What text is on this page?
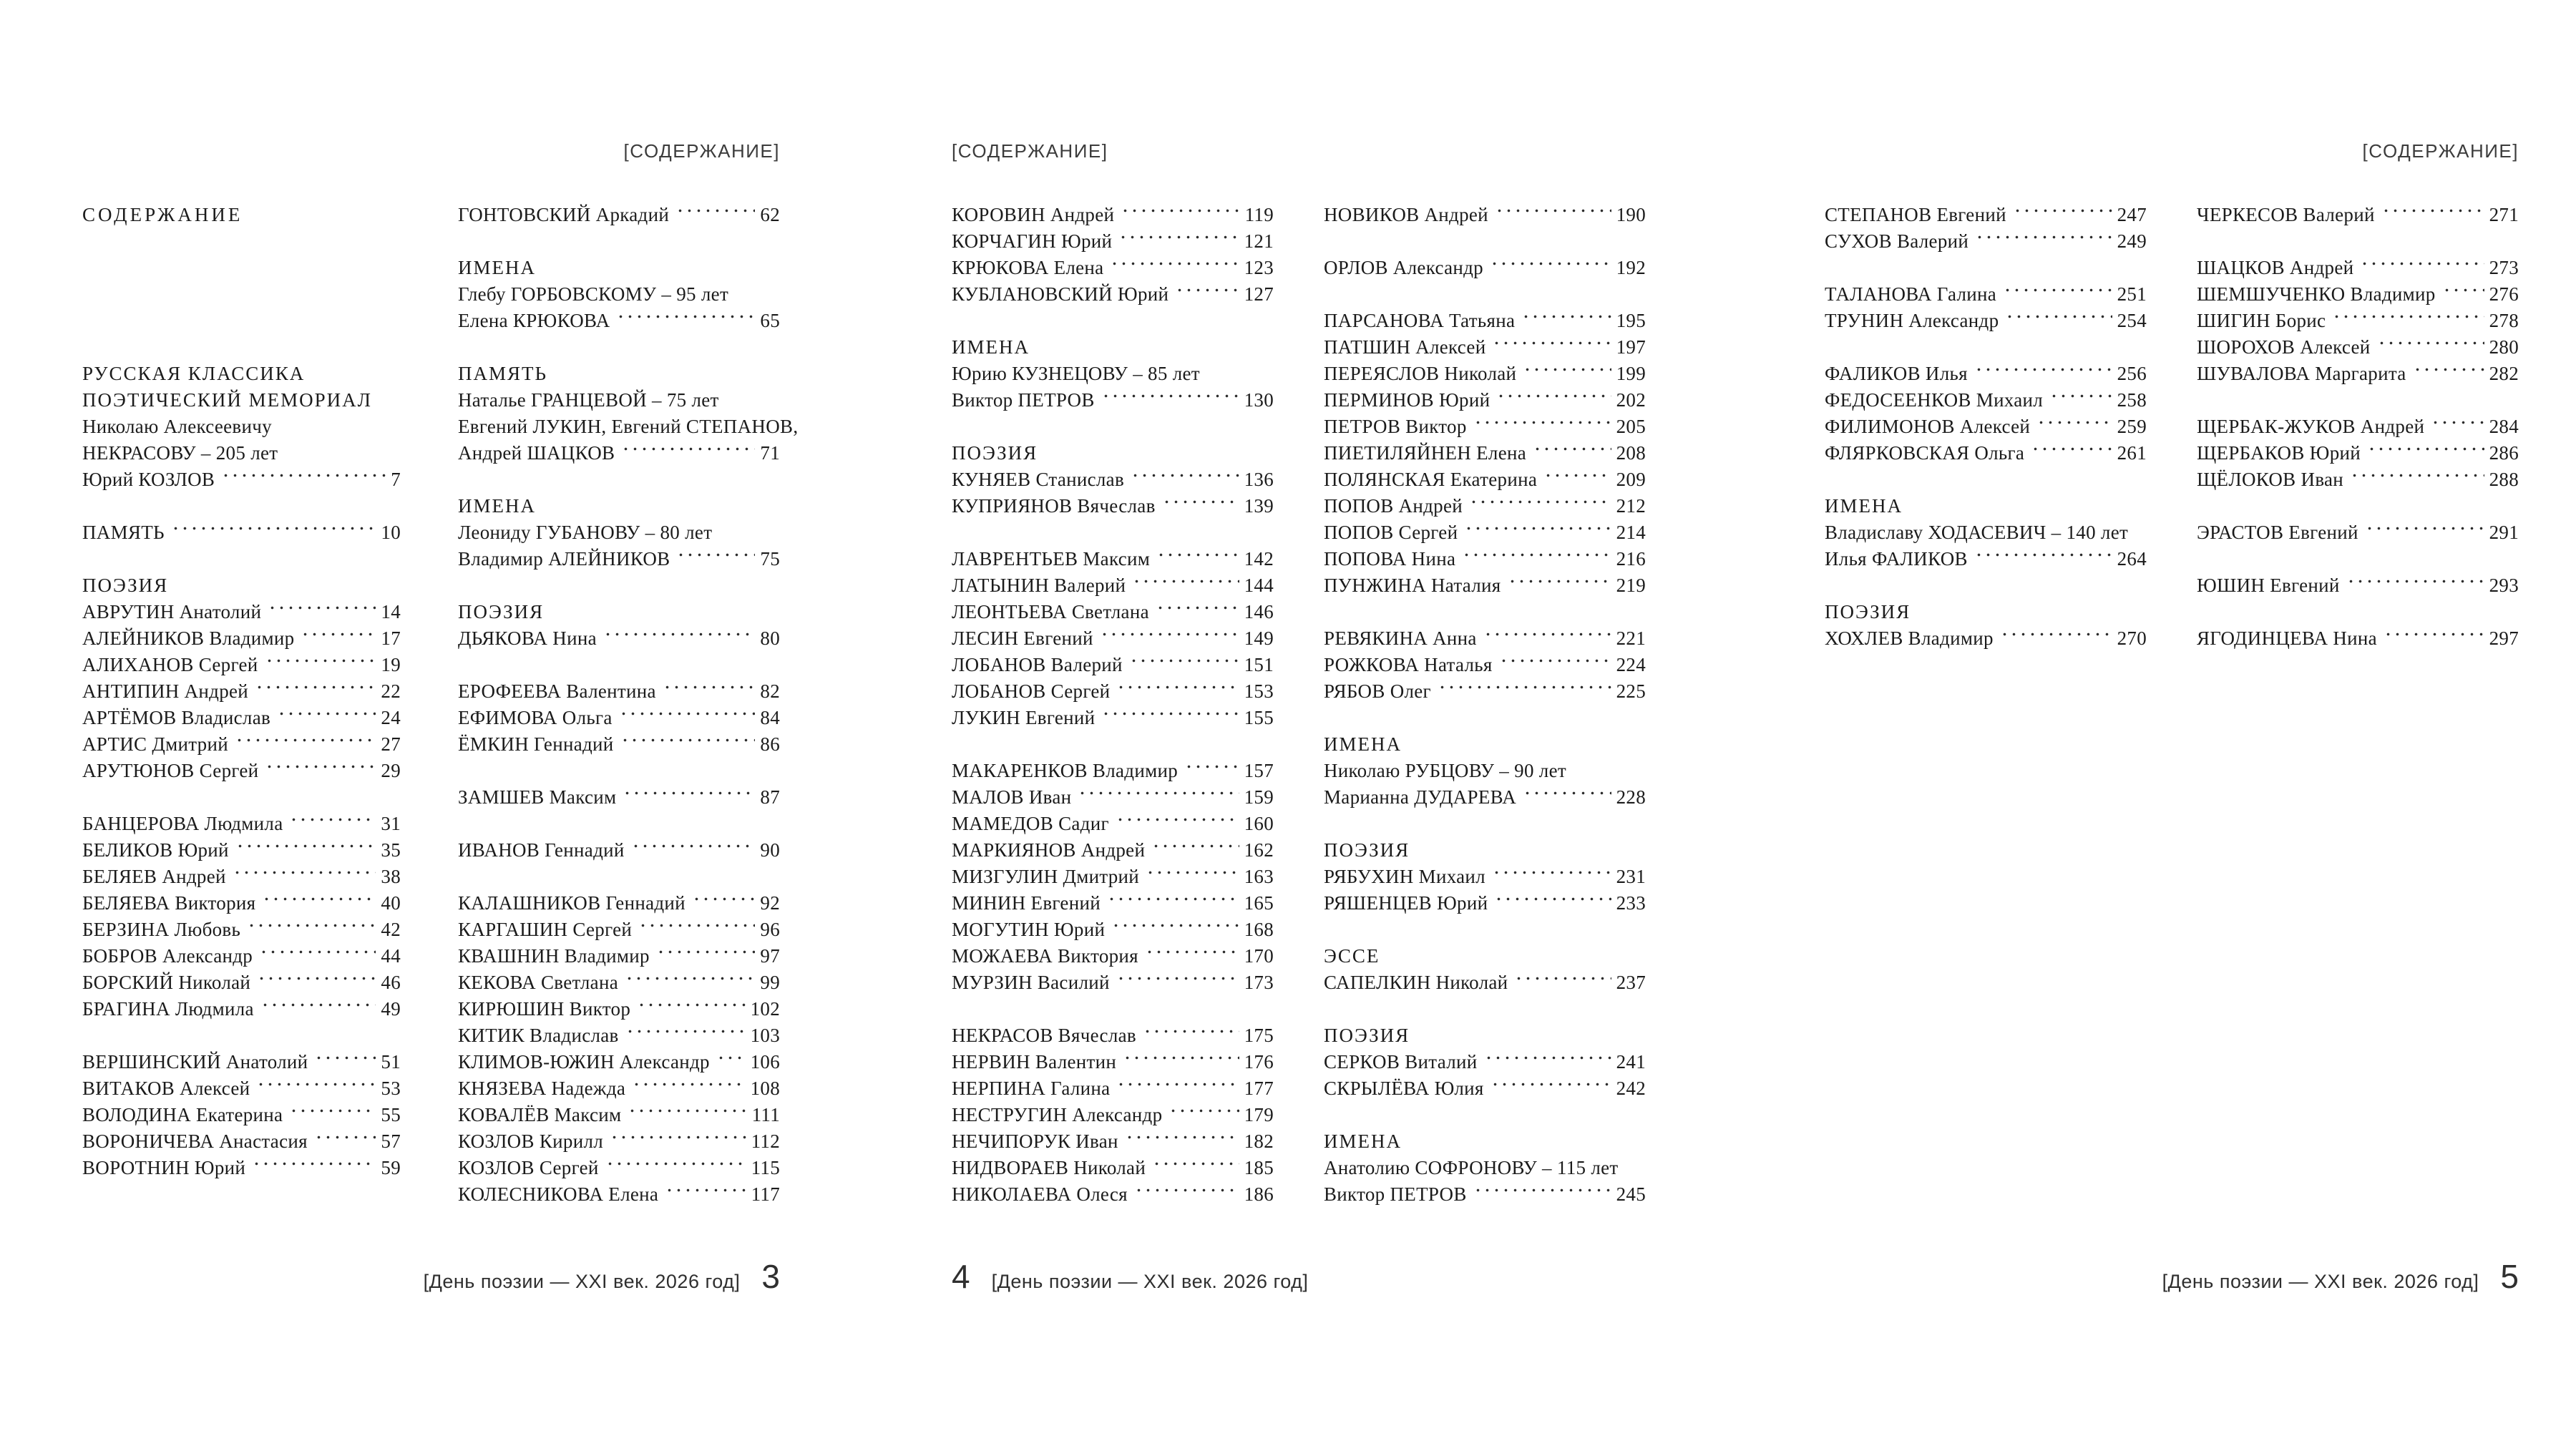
[СОДЕРЖАНИЕ]
СОДЕРЖАНИЕ
РУССКАЯ КЛАССИКА
ПОЭТИЧЕСКИЙ МЕМОРИАЛ
Николаю Алексеевичу
НЕКРАСОВУ – 205 лет
Юрий КОЗЛОВ	7
ПАМЯТЬ	10
ПОЭЗИЯ
АВРУТИН Анатолий	14
АЛЕЙНИКОВ Владимир	17
АЛИХАНОВ Сергей	19
АНТИПИН Андрей	22
АРТЁМОВ Владислав	24
АРТИС Дмитрий	27
АРУТЮНОВ Сергей	29
БАНЦЕРОВА Людмила	31
БЕЛИКОВ Юрий	35
БЕЛЯЕВ Андрей	38
БЕЛЯЕВА Виктория	40
БЕРЗИНА Любовь	42
БОБРОВ Александр	44
БОРСКИЙ Николай	46
БРАГИНА Людмила	49
ВЕРШИНСКИЙ Анатолий	51
ВИТАКОВ Алексей	53
ВОЛОДИНА Екатерина	55
ВОРОНИЧЕВА Анастасия	57
ВОРОТНИН Юрий	59
ГОНТОВСКИЙ Аркадий	62
ИМЕНА
Глебу ГОРБОВСКОМУ – 95 лет
Елена КРЮКОВА	65
ПАМЯТЬ
Наталье ГРАНЦЕВОЙ – 75 лет
Евгений ЛУКИН, Евгений СТЕПАНОВ,
Андрей ШАЦКОВ	71
ИМЕНА
Леониду ГУБАНОВУ – 80 лет
Владимир АЛЕЙНИКОВ	75
ПОЭЗИЯ
ДЬЯКОВА Нина	80
ЕРОФЕЕВА Валентина	82
ЕФИМОВА Ольга	84
ЁМКИН Геннадий	86
ЗАМШЕВ Максим	87
ИВАНОВ Геннадий	90
КАЛАШНИКОВ Геннадий	92
КАРГАШИН Сергей	96
КВАШНИН Владимир	97
КЕКОВА Светлана	99
КИРЮШИН Виктор	102
КИТИК Владислав	103
КЛИМОВ-ЮЖИН Александр 106
КНЯЗЕВА Надежда	108
КОВАЛЁВ Максим	111
КОЗЛОВ Кирилл	112
КОЗЛОВ Сергей	115
КОЛЕСНИКОВА Елена	117
[День поэзии — XXI век. 2026 год] 3
[СОДЕРЖАНИЕ]
КОРОВИН Андрей	119
КОРЧАГИН Юрий	121
КРЮКОВА Елена	123
КУБЛАНОВСКИЙ Юрий	127
ИМЕНА
Юрию КУЗНЕЦОВУ – 85 лет
Виктор ПЕТРОВ	130
ПОЭЗИЯ
КУНЯЕВ Станислав	136
КУПРИЯНОВ Вячеслав	139
ЛАВРЕНТЬЕВ Максим	142
ЛАТЫНИН Валерий	144
ЛЕОНТЬЕВА Светлана	146
ЛЕСИН Евгений	149
ЛОБАНОВ Валерий	151
ЛОБАНОВ Сергей	153
ЛУКИН Евгений	155
МАКАРЕНКОВ Владимир	157
МАЛОВ Иван	159
МАМЕДОВ Садиг	160
МАРКИЯНОВ Андрей	162
МИЗГУЛИН Дмитрий	163
МИНИН Евгений	165
МОГУТИН Юрий	168
МОЖАЕВА Виктория	170
МУРЗИН Василий	173
НЕКРАСОВ Вячеслав	175
НЕРВИН Валентин	176
НЕРПИНА Галина	177
НЕСТРУГИН Александр	179
НЕЧИПОРУК Иван	182
НИДВОРАЕВ Николай	185
НИКОЛАЕВА Олеся	186
НОВИКОВ Андрей	190
ОРЛОВ Александр	192
ПАРСАНОВА Татьяна	195
ПАТШИН Алексей	197
ПЕРЕЯСЛОВ Николай	199
ПЕРМИНОВ Юрий	202
ПЕТРОВ Виктор	205
ПИЕТИЛЯЙНЕН Елена	208
ПОЛЯНСКАЯ Екатерина	209
ПОПОВ Андрей	212
ПОПОВ Сергей	214
ПОПОВА Нина	216
ПУНЖИНА Наталия	219
РЕВЯКИНА Анна	221
РОЖКОВА Наталья	224
РЯБОВ Олег	225
ИМЕНА
Николаю РУБЦОВУ – 90 лет
Марианна ДУДАРЕВА	228
ПОЭЗИЯ
РЯБУХИН Михаил	231
РЯШЕНЦЕВ Юрий	233
ЭССЕ
САПЕЛКИН Николай	237
ПОЭЗИЯ
СЕРКОВ Виталий	241
СКРЫЛЁВА Юлия	242
ИМЕНА
Анатолию СОФРОНОВУ – 115 лет
Виктор ПЕТРОВ	245
4 [День поэзии — XXI век. 2026 год]
[СОДЕРЖАНИЕ]
СТЕПАНОВ Евгений	247
СУХОВ Валерий	249
ТАЛАНОВА Галина	251
ТРУНИН Александр	254
ФАЛИКОВ Илья	256
ФЕДОСЕЕНКОВ Михаил	258
ФИЛИМОНОВ Алексей	259
ФЛЯРКОВСКАЯ Ольга	261
ИМЕНА
Владиславу ХОДАСЕВИЧ – 140 лет
Илья ФАЛИКОВ	264
ПОЭЗИЯ
ХОХЛЕВ Владимир	270
ЧЕРКЕСОВ Валерий	271
ШАЦКОВ Андрей	273
ШЕМШУЧЕНКО Владимир	276
ШИГИН Борис	278
ШОРОХОВ Алексей	280
ШУВАЛОВА Маргарита	282
ЩЕРБАК-ЖУКОВ Андрей	284
ЩЕРБАКОВ Юрий	286
ЩЁЛОКОВ Иван	288
ЭРАСТОВ Евгений	291
ЮШИН Евгений	293
ЯГОДИНЦЕВА Нина	297
[День поэзии — XXI век. 2026 год] 5
